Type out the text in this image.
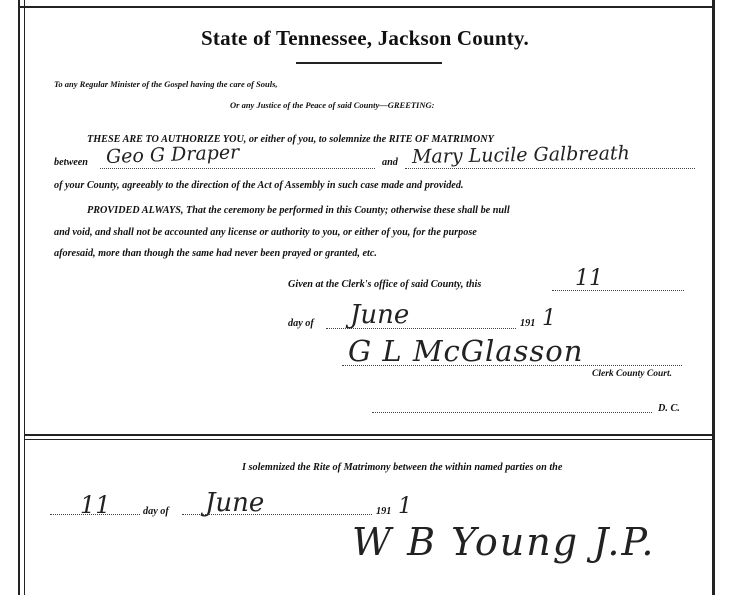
State of Tennessee, Jackson County.
To any Regular Minister of the Gospel having the care of Souls,
Or any Justice of the Peace of said County—GREETING:
THESE ARE TO AUTHORIZE YOU, or either of you, to solemnize the RITE OF MATRIMONY
between Geo G Draper	and Mary Lucile Galbreath
of your County, agreeably to the direction of the Act of Assembly in such case made and provided.
PROVIDED ALWAYS, That the ceremony be performed in this County; otherwise these shall be null
and void, and shall not be accounted any license or authority to you, or either of you, for the purpose
aforesaid, more than though the same had never been prayed or granted, etc.
Given at the Clerk's office of said County, this	11
day of June	191 1
G L McGlasson
Clerk County Court.
D. C.
I solemnized the Rite of Matrimony between the within named parties on the
11	day of June	191 1
W B Young J.P.
